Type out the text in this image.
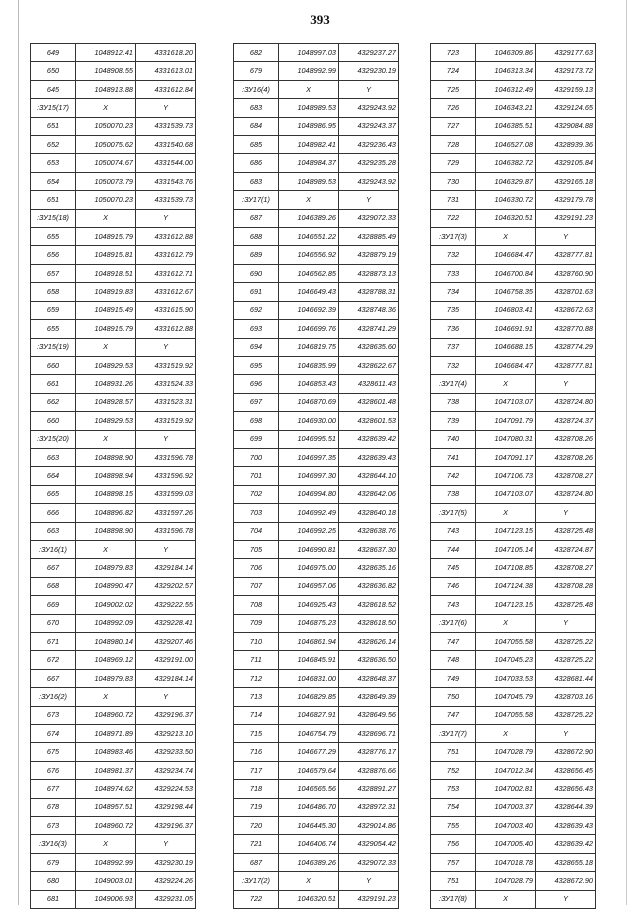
393
649	1048912.41	4331618.20
650	1048908.55	4331613.01
645	1048913.88	4331612.84
:ЗУ15(17)	X	Y
651	1050070.23	4331539.73
652	1050075.62	4331540.68
653	1050074.67	4331544.00
654	1050073.79	4331543.76
651	1050070.23	4331539.73
:ЗУ15(18)	X	Y
655	1048915.79	4331612.88
656	1048915.81	4331612.79
657	1048918.51	4331612.71
658	1048919.83	4331612.67
659	1048915.49	4331615.90
655	1048915.79	4331612.88
:ЗУ15(19)	X	Y
660	1048929.53	4331519.92
661	1048931.26	4331524.33
662	1048928.57	4331523.31
660	1048929.53	4331519.92
:ЗУ15(20)	X	Y
663	1048898.90	4331596.78
664	1048898.94	4331596.92
665	1048898.15	4331599.03
666	1048896.82	4331597.26
663	1048898.90	4331596.78
:ЗУ16(1)	X	Y
667	1048979.83	4329184.14
668	1048990.47	4329202.57
669	1049002.02	4329222.55
670	1048992.09	4329228.41
671	1048980.14	4329207.46
672	1048969.12	4329191.00
667	1048979.83	4329184.14
:ЗУ16(2)	X	Y
673	1048960.72	4329196.37
674	1048971.89	4329213.10
675	1048983.46	4329233.50
676	1048981.37	4329234.74
677	1048974.62	4329224.53
678	1048957.51	4329198.44
673	1048960.72	4329196.37
:ЗУ16(3)	X	Y
679	1048992.99	4329230.19
680	1049003.01	4329224.26
681	1049006.93	4329231.05
682	1048997.03	4329237.27
679	1048992.99	4329230.19
:ЗУ16(4)	X	Y
683	1048989.53	4329243.92
684	1048986.95	4329243.37
685	1048982.41	4329236.43
686	1048984.37	4329235.28
683	1048989.53	4329243.92
:ЗУ17(1)	X	Y
687	1046389.26	4329072.33
688	1046551.22	4328885.49
689	1046556.92	4328879.19
690	1046562.85	4328873.13
691	1046649.43	4328788.31
692	1046692.39	4328748.36
693	1046699.76	4328741.29
694	1046819.75	4328635.60
695	1046835.99	4328622.67
696	1046853.43	4328611.43
697	1046870.69	4328601.48
698	1046930.00	4328601.53
699	1046995.51	4328639.42
700	1046997.35	4328639.43
701	1046997.30	4328644.10
702	1046994.80	4328642.06
703	1046992.49	4328640.18
704	1046992.25	4328638.76
705	1046990.81	4328637.30
706	1046975.00	4328635.16
707	1046957.06	4328636.82
708	1046925.43	4328618.52
709	1046875.23	4328618.50
710	1046861.94	4328626.14
711	1046845.91	4328636.50
712	1046831.00	4328648.37
713	1046829.85	4328649.39
714	1046827.91	4328649.56
715	1046754.79	4328696.71
716	1046677.29	4328776.17
717	1046579.64	4328876.66
718	1046565.56	4328891.27
719	1046486.70	4328972.31
720	1046445.30	4329014.86
721	1046406.74	4329054.42
687	1046389.26	4329072.33
:ЗУ17(2)	X	Y
722	1046320.51	4329191.23
723	1046309.86	4329177.63
724	1046313.34	4329173.72
725	1046312.49	4329159.13
726	1046343.21	4329124.65
727	1046385.51	4329084.88
728	1046527.08	4328939.36
729	1046382.72	4329105.84
730	1046329.87	4329165.18
731	1046330.72	4329179.78
722	1046320.51	4329191.23
:ЗУ17(3)	X	Y
732	1046684.47	4328777.81
733	1046700.84	4328760.90
734	1046758.35	4328701.63
735	1046803.41	4328672.63
736	1046691.91	4328770.88
737	1046688.15	4328774.29
732	1046684.47	4328777.81
:ЗУ17(4)	X	Y
738	1047103.07	4328724.80
739	1047091.79	4328724.37
740	1047080.31	4328708.26
741	1047091.17	4328708.26
742	1047106.73	4328708.27
738	1047103.07	4328724.80
:ЗУ17(5)	X	Y
743	1047123.15	4328725.48
744	1047105.14	4328724.87
745	1047108.85	4328708.27
746	1047124.38	4328708.28
743	1047123.15	4328725.48
:ЗУ17(6)	X	Y
747	1047055.58	4328725.22
748	1047045.23	4328725.22
749	1047033.53	4328681.44
750	1047045.79	4328703.16
747	1047055.58	4328725.22
:ЗУ17(7)	X	Y
751	1047028.79	4328672.90
752	1047012.34	4328656.45
753	1047002.81	4328656.43
754	1047003.37	4328644.39
755	1047003.40	4328639.43
756	1047005.40	4328639.42
757	1047018.78	4328655.18
751	1047028.79	4328672.90
:ЗУ17(8)	X	Y
